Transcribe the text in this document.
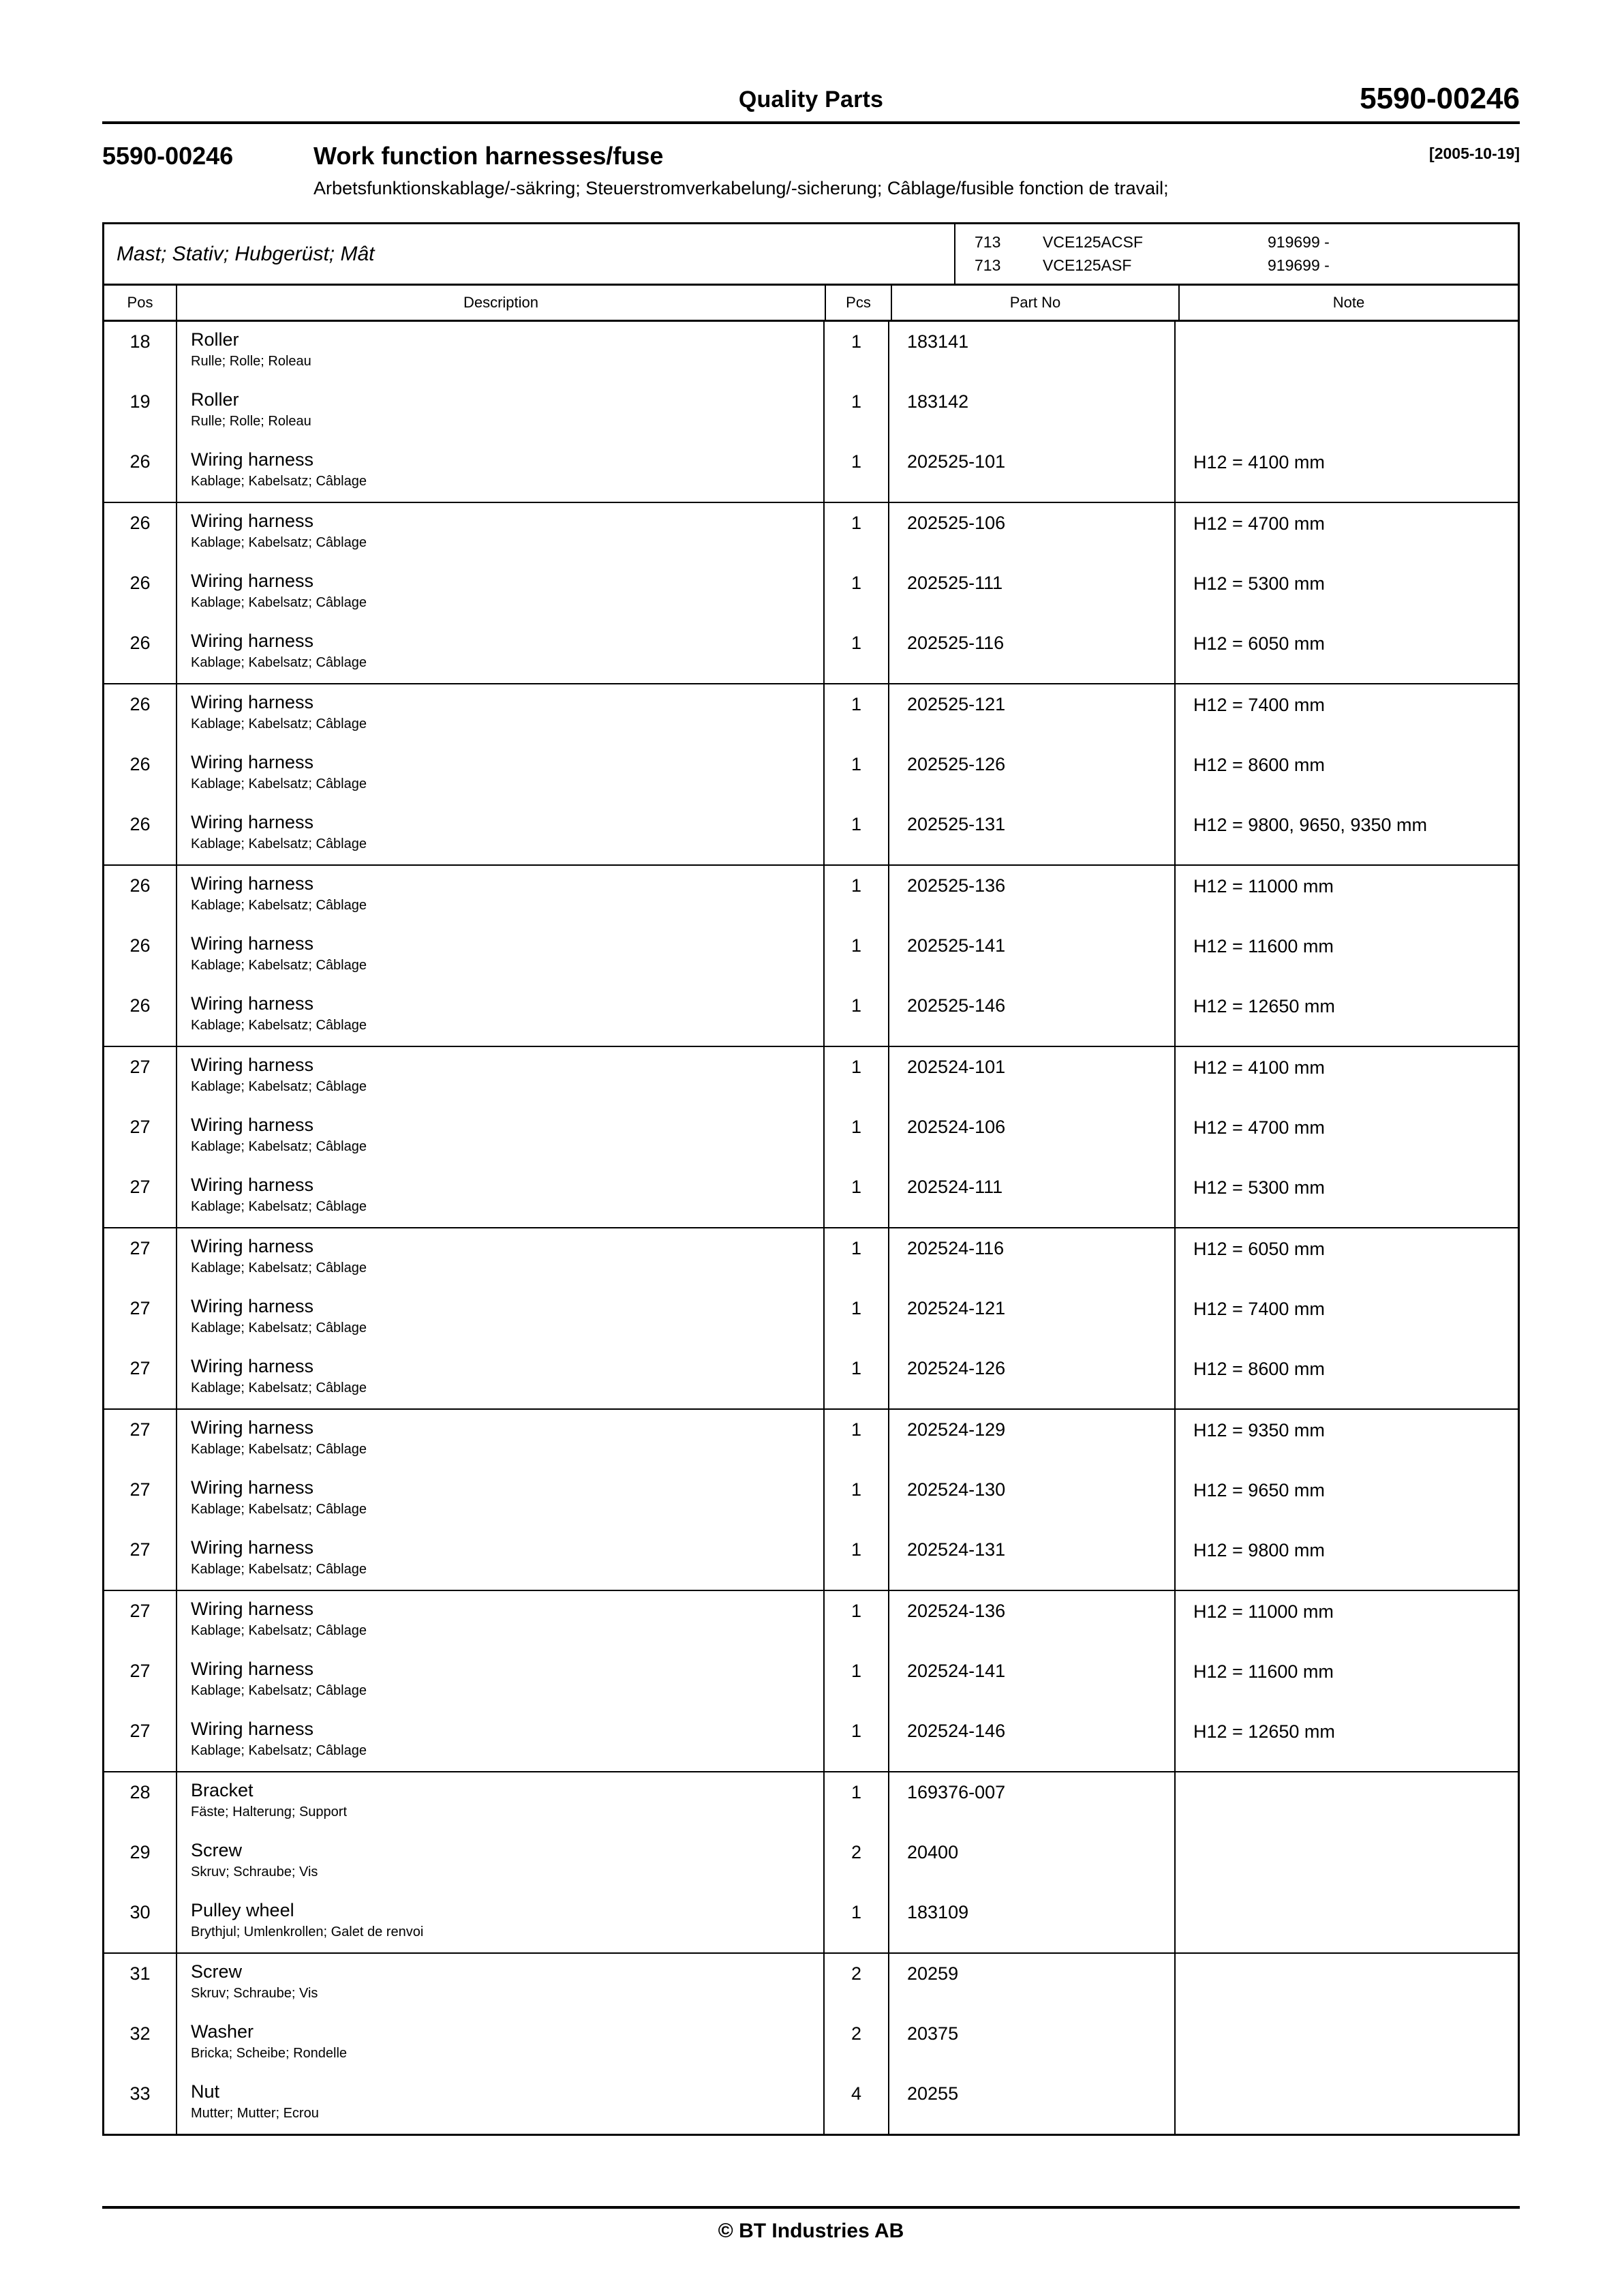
Quality Parts	5590-00246
5590-00246	Work function harnesses/fuse	[2005-10-19]
Arbetsfunktionskablage/-säkring; Steuerstromverkabelung/-sicherung; Câblage/fusible fonction de travail;
Mast; Stativ; Hubgerüst; Mât
713	VCE125ACSF	919699 -
713	VCE125ASF	919699 -
Pos	Description	Pcs	Part No	Note
18	Roller
Rulle; Rolle; Roleau
1	183141
19	Roller
Rulle; Rolle; Roleau
1	183142
26	Wiring harness
Kablage; Kabelsatz; Câblage
1	202525-101	H12 = 4100 mm
26	Wiring harness
Kablage; Kabelsatz; Câblage
1	202525-106	H12 = 4700 mm
26	Wiring harness
Kablage; Kabelsatz; Câblage
1	202525-111	H12 = 5300 mm
26	Wiring harness
Kablage; Kabelsatz; Câblage
1	202525-116	H12 = 6050 mm
26	Wiring harness
Kablage; Kabelsatz; Câblage
1	202525-121	H12 = 7400 mm
26	Wiring harness
Kablage; Kabelsatz; Câblage
1	202525-126	H12 = 8600 mm
26	Wiring harness
Kablage; Kabelsatz; Câblage
1	202525-131	H12 = 9800, 9650, 9350 mm
26	Wiring harness
Kablage; Kabelsatz; Câblage
1	202525-136	H12 = 11000 mm
26	Wiring harness
Kablage; Kabelsatz; Câblage
1	202525-141	H12 = 11600 mm
26	Wiring harness
Kablage; Kabelsatz; Câblage
1	202525-146	H12 = 12650 mm
27	Wiring harness
Kablage; Kabelsatz; Câblage
1	202524-101	H12 = 4100 mm
27	Wiring harness
Kablage; Kabelsatz; Câblage
1	202524-106	H12 = 4700 mm
27	Wiring harness
Kablage; Kabelsatz; Câblage
1	202524-111	H12 = 5300 mm
27	Wiring harness
Kablage; Kabelsatz; Câblage
1	202524-116	H12 = 6050 mm
27	Wiring harness
Kablage; Kabelsatz; Câblage
1	202524-121	H12 = 7400 mm
27	Wiring harness
Kablage; Kabelsatz; Câblage
1	202524-126	H12 = 8600 mm
27	Wiring harness
Kablage; Kabelsatz; Câblage
1	202524-129	H12 = 9350 mm
27	Wiring harness
Kablage; Kabelsatz; Câblage
1	202524-130	H12 = 9650 mm
27	Wiring harness
Kablage; Kabelsatz; Câblage
1	202524-131	H12 = 9800 mm
27	Wiring harness
Kablage; Kabelsatz; Câblage
1	202524-136	H12 = 11000 mm
27	Wiring harness
Kablage; Kabelsatz; Câblage
1	202524-141	H12 = 11600 mm
27	Wiring harness
Kablage; Kabelsatz; Câblage
1	202524-146	H12 = 12650 mm
28	Bracket
Fäste; Halterung; Support
1	169376-007
29	Screw
Skruv; Schraube; Vis
2	20400
30	Pulley wheel
Brythjul; Umlenkrollen; Galet de renvoi
1	183109
31	Screw
Skruv; Schraube; Vis
2	20259
32	Washer
Bricka; Scheibe; Rondelle
2	20375
33	Nut
Mutter; Mutter; Ecrou
4	20255
© BT Industries AB
